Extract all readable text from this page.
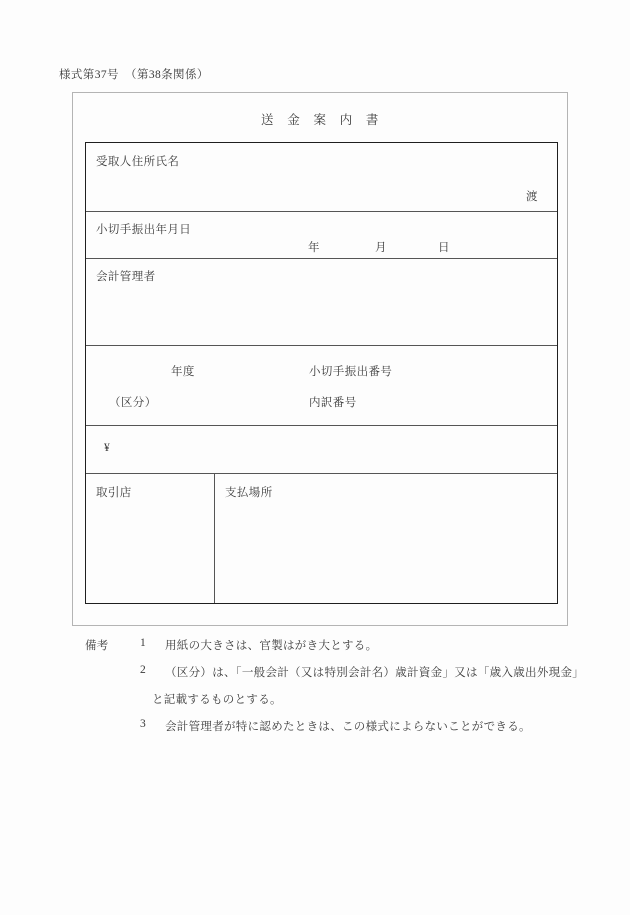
様式第37号　（第38条関係）
送　金　案　内　書
受取人住所氏名
渡
小切手振出年月日
年	月	日
会計管理者
年度	小切手振出番号
（区分）	内訳番号
¥
取引店	支払場所
備考	1 用紙の大きさは、官製はがき大とする。
2 （区分）は、「一般会計（又は特別会計名）歳計資金」又は「歳入歳出外現金」
と記載するものとする。
3 会計管理者が特に認めたときは、この様式によらないことができる。
